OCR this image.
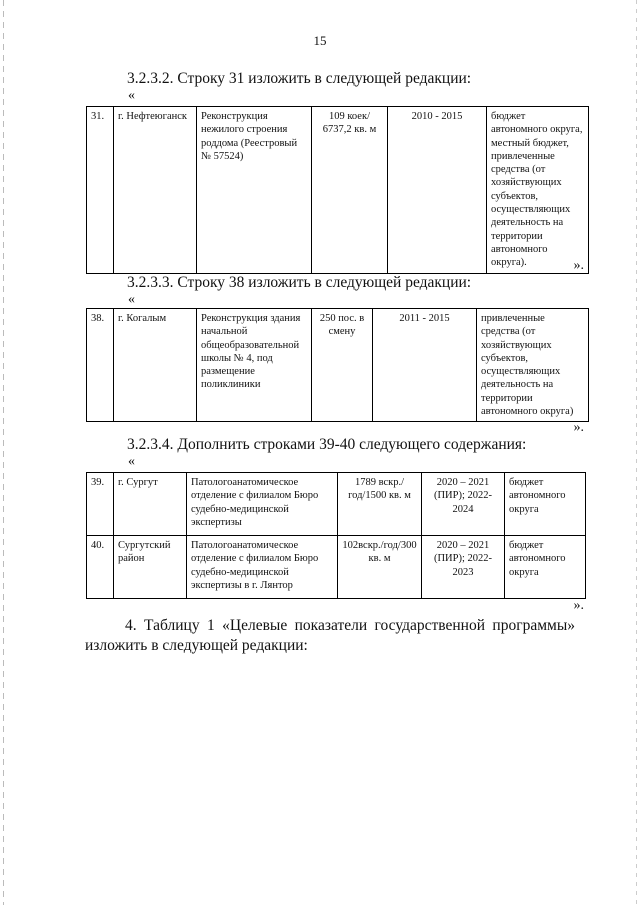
15
3.2.3.2. Строку 31 изложить в следующей редакции:
«
31.	г. Нефтеюганск	Реконструкция нежилого строения роддома (Реестровый № 57524)	109 коек/ 6737,2 кв. м	2010 - 2015	бюджет автономного округа, местный бюджет, привлеченные средства (от хозяйствующих субъектов, осуществляющих деятельность на территории автономного округа).	».
3.2.3.3. Строку 38 изложить в следующей редакции:
«
38.	г. Когалым	Реконструкция здания начальной общеобразовательной школы № 4, под размещение поликлиники	250 пос. в смену	2011 - 2015	привлеченные средства (от хозяйствующих субъектов, осуществляющих деятельность на территории автономного округа)
».
3.2.3.4. Дополнить строками 39-40 следующего содержания:
«
39.	г. Сургут	Патологоанатомическое отделение с филиалом Бюро судебно-медицинской экспертизы	1789 вскр./год/1500 кв. м	2020 – 2021 (ПИР); 2022-2024	бюджет автономного округа
40.	Сургутский район	Патологоанатомическое отделение с филиалом Бюро судебно-медицинской экспертизы в г. Лянтор	102вскр./год/300 кв. м	2020 – 2021 (ПИР); 2022-2023	бюджет автономного округа
».
4. Таблицу 1 «Целевые показатели государственной программы»
изложить в следующей редакции:
